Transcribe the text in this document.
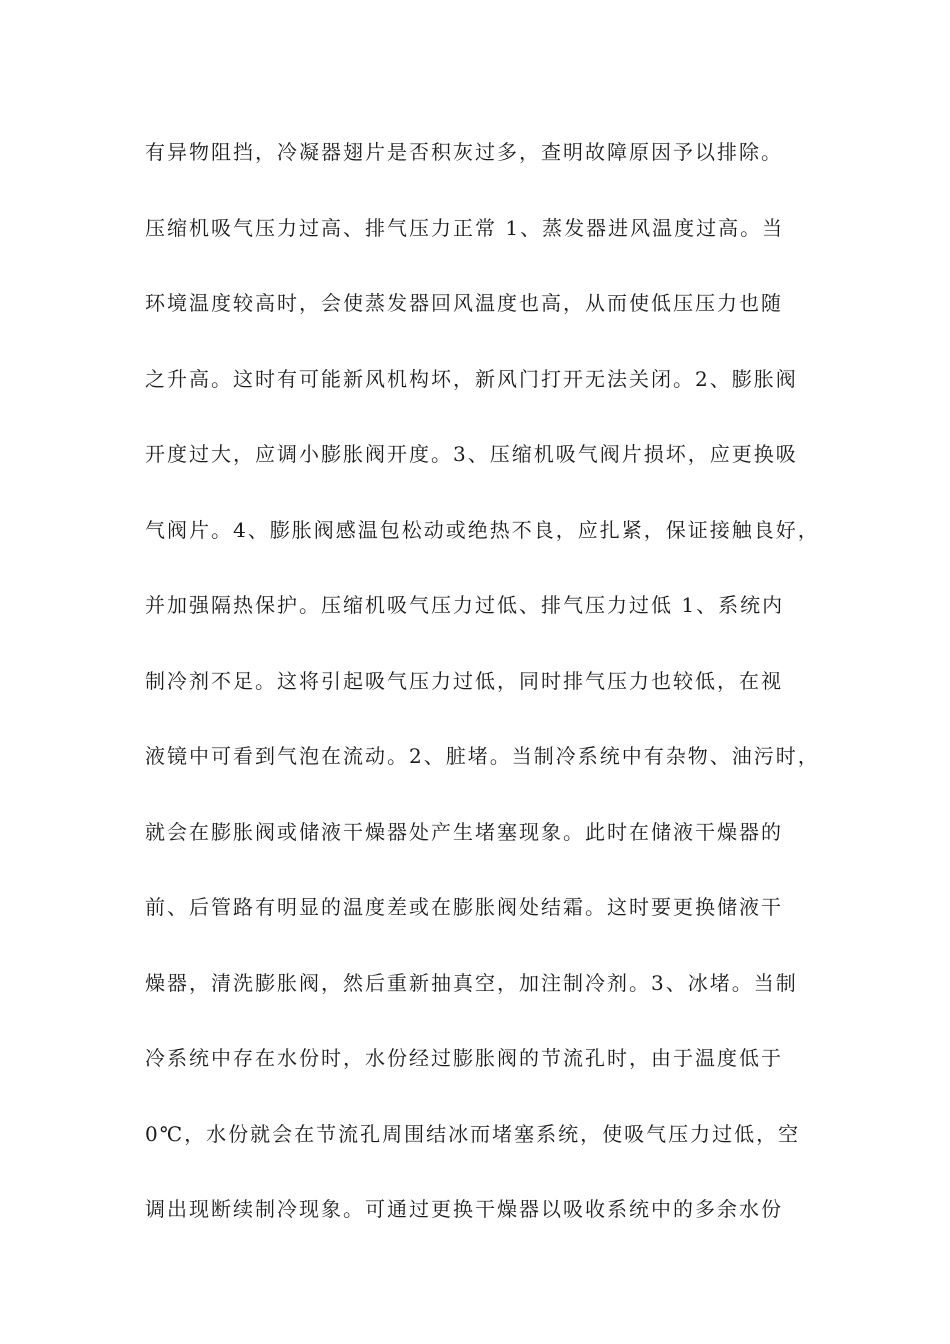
有异物阻挡，冷凝器翅片是否积灰过多，查明故障原因予以排除。
压缩机吸气压力过高、排气压力正常 1、蒸发器进风温度过高。当
环境温度较高时，会使蒸发器回风温度也高，从而使低压压力也随
之升高。这时有可能新风机构坏，新风门打开无法关闭。2、膨胀阀
开度过大，应调小膨胀阀开度。3、压缩机吸气阀片损坏，应更换吸
气阀片。4、膨胀阀感温包松动或绝热不良，应扎紧，保证接触良好，
并加强隔热保护。压缩机吸气压力过低、排气压力过低 1、系统内
制冷剂不足。这将引起吸气压力过低，同时排气压力也较低，在视
液镜中可看到气泡在流动。2、脏堵。当制冷系统中有杂物、油污时，
就会在膨胀阀或储液干燥器处产生堵塞现象。此时在储液干燥器的
前、后管路有明显的温度差或在膨胀阀处结霜。这时要更换储液干
燥器，清洗膨胀阀，然后重新抽真空，加注制冷剂。3、冰堵。当制
冷系统中存在水份时，水份经过膨胀阀的节流孔时，由于温度低于
0℃，水份就会在节流孔周围结冰而堵塞系统，使吸气压力过低，空
调出现断续制冷现象。可通过更换干燥器以吸收系统中的多余水份
